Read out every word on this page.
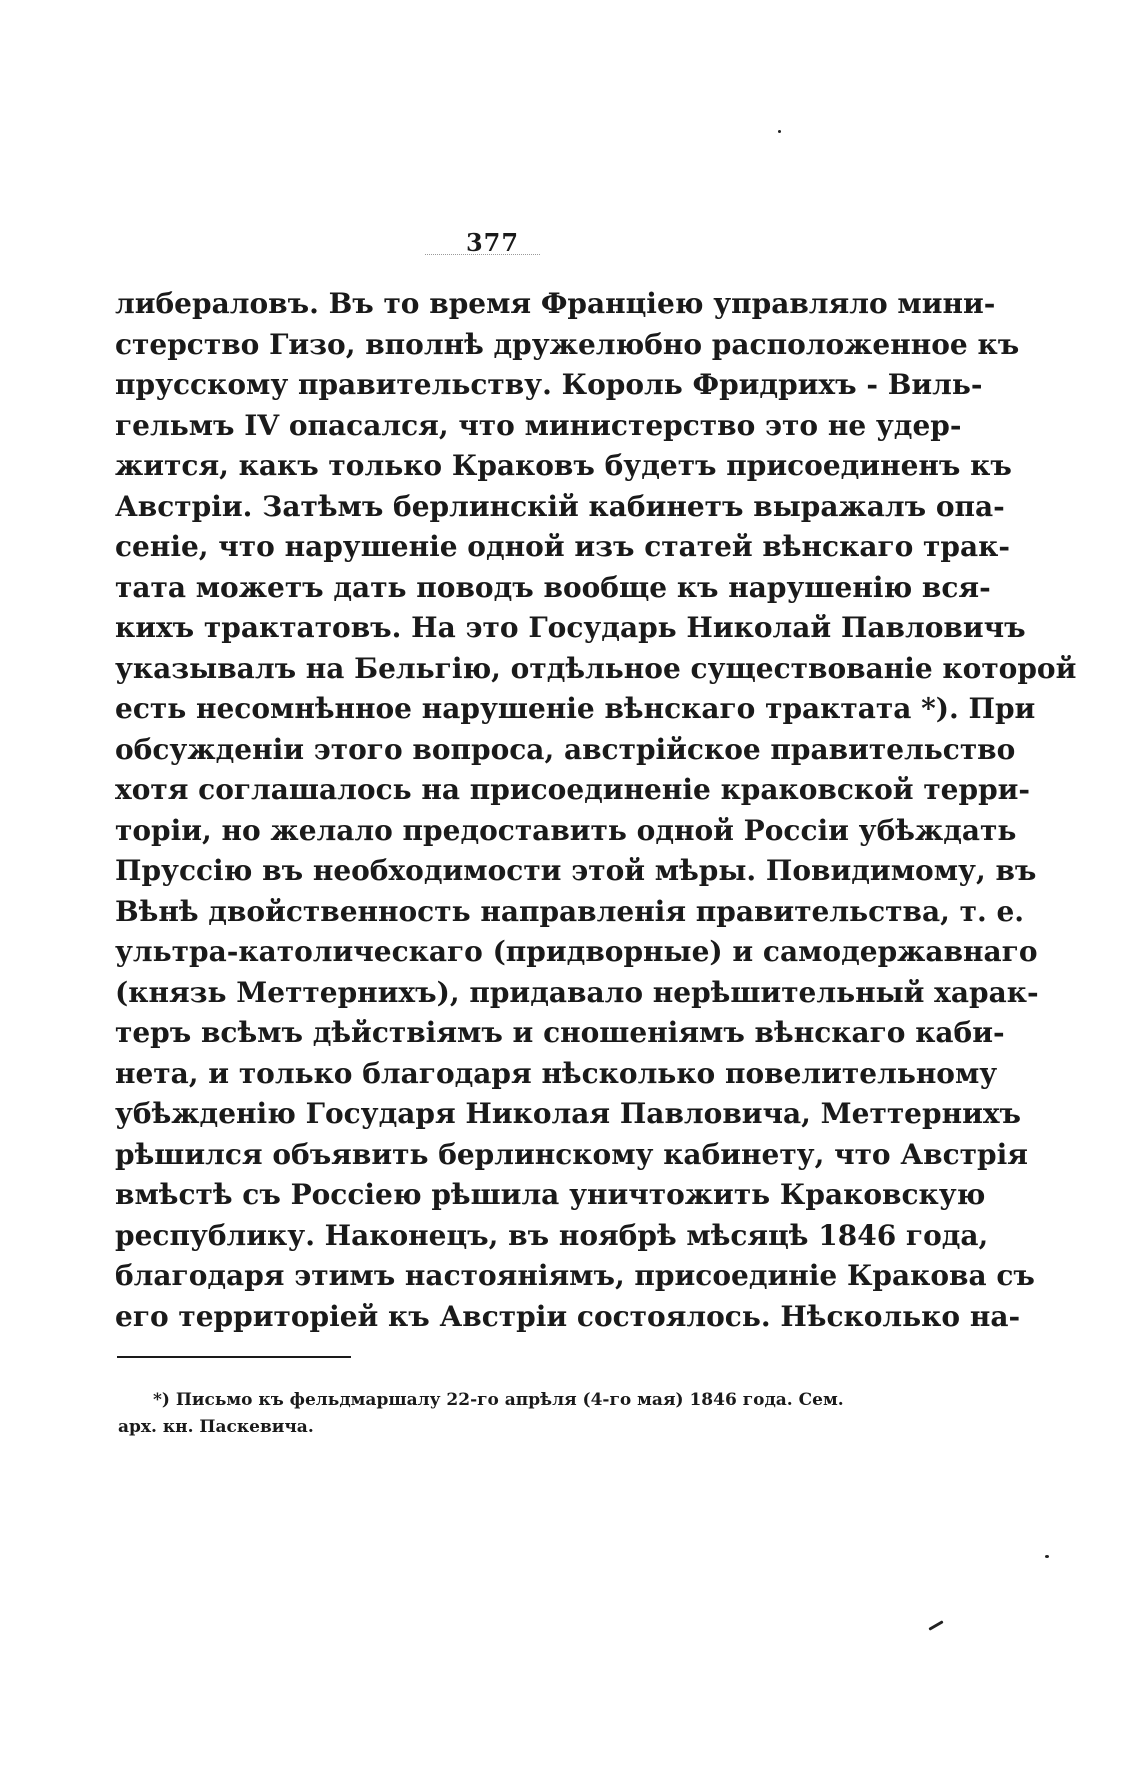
377
либераловъ. Въ то время Францiею управляло мини-
стерство Гизо, вполнѣ дружелюбно расположенное къ
прусскому правительству. Король Фридрихъ - Виль-
гельмъ IV опасался, что министерство это не удер-
жится, какъ только Краковъ будетъ присоединенъ къ
Австрiи. Затѣмъ берлинскiй кабинетъ выражалъ опа-
сенiе, что нарушенiе одной изъ статей вѣнскаго трак-
тата можетъ дать поводъ вообще къ нарушенiю вся-
кихъ трактатовъ. На это Государь Николай Павловичъ
указывалъ на Бельгiю, отдѣльное существованiе которой
есть несомнѣнное нарушенiе вѣнскаго трактата *). При
обсужденiи этого вопроса, австрiйское правительство
хотя соглашалось на присоединенiе краковской терри-
торiи, но желало предоставить одной Россiи убѣждать
Пруссiю въ необходимости этой мѣры. Повидимому, въ
Вѣнѣ двойственность направленiя правительства, т. е.
ультра-католическаго (придворные) и самодержавнаго
(князь Меттернихъ), придавало нерѣшительный харак-
теръ всѣмъ дѣйствiямъ и сношенiямъ вѣнскаго каби-
нета, и только благодаря нѣсколько повелительному
убѣжденiю Государя Николая Павловича, Меттернихъ
рѣшился объявить берлинскому кабинету, что Австрiя
вмѣстѣ съ Россiею рѣшила уничтожить Краковскую
республику. Наконецъ, въ ноябрѣ мѣсяцѣ 1846 года,
благодаря этимъ настоянiямъ, присоединiе Кракова съ
его территорiей къ Австрiи состоялось. Нѣсколько на-
*) Письмо къ фельдмаршалу 22-го апрѣля (4-го мая) 1846 года. Сем.
арх. кн. Паскевича.
